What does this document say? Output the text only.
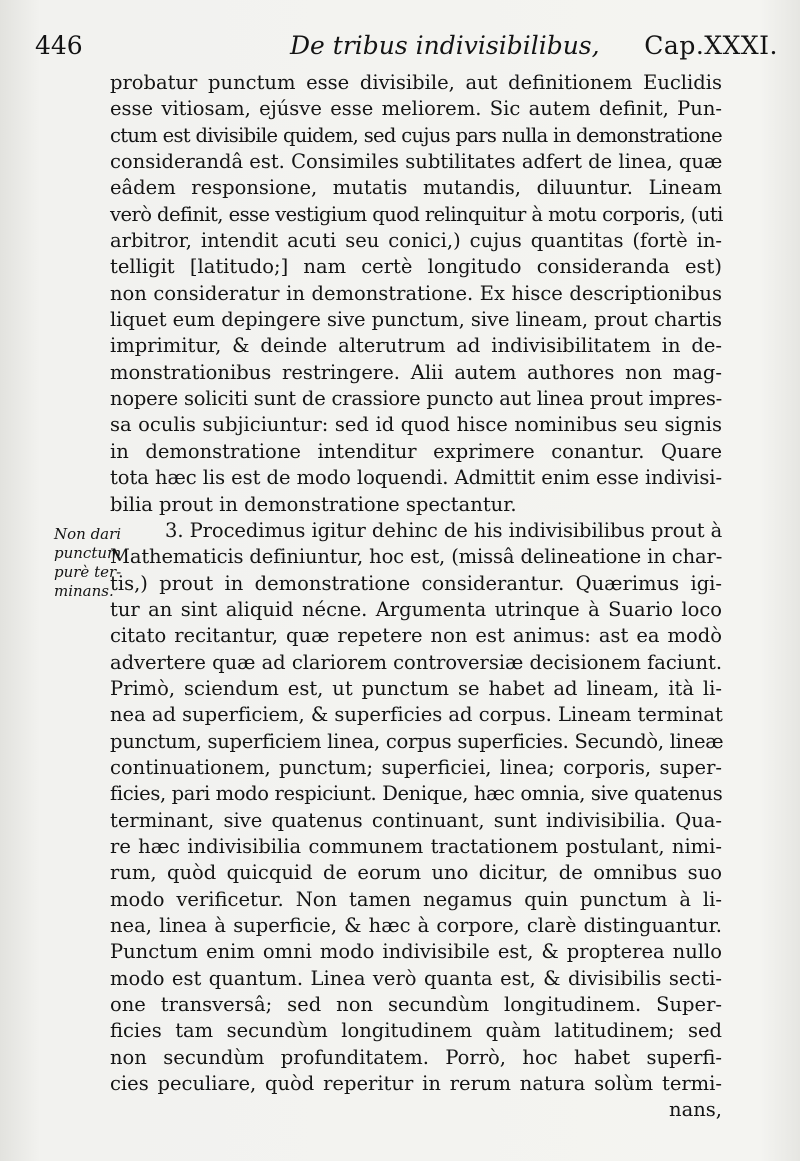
446	De tribus indivisibilibus, Cap.XXXI.
Non dari
punctum
purè ter-
minans.
probatur punctum esse divisibile, aut definitionem Euclidis
esse vitiosam, ejúsve esse meliorem. Sic autem definit, Pun-
ctum est divisibile quidem, sed cujus pars nulla in demonstratione
considerandâ est. Consimiles subtilitates adfert de linea, quæ
eâdem responsione, mutatis mutandis, diluuntur. Lineam
verò definit, esse vestigium quod relinquitur à motu corporis, (uti
arbitror, intendit acuti seu conici,) cujus quantitas (fortè in-
telligit [latitudo;] nam certè longitudo consideranda est)
non consideratur in demonstratione. Ex hisce descriptionibus
liquet eum depingere sive punctum, sive lineam, prout chartis
imprimitur, & deinde alterutrum ad indivisibilitatem in de-
monstrationibus restringere. Alii autem authores non mag-
nopere soliciti sunt de crassiore puncto aut linea prout impres-
sa oculis subjiciuntur: sed id quod hisce nominibus seu signis
in demonstratione intenditur exprimere conantur. Quare
tota hæc lis est de modo loquendi. Admittit enim esse indivisi-
bilia prout in demonstratione spectantur.
3. Procedimus igitur dehinc de his indivisibilibus prout à
Mathematicis definiuntur, hoc est, (missâ delineatione in char-
tis,) prout in demonstratione considerantur. Quærimus igi-
tur an sint aliquid nécne. Argumenta utrinque à Suario loco
citato recitantur, quæ repetere non est animus: ast ea modò
advertere quæ ad clariorem controversiæ decisionem faciunt.
Primò, sciendum est, ut punctum se habet ad lineam, ità li-
nea ad superficiem, & superficies ad corpus. Lineam terminat
punctum, superficiem linea, corpus superficies. Secundò, lineæ
continuationem, punctum; superficiei, linea; corporis, super-
ficies, pari modo respiciunt. Denique, hæc omnia, sive quatenus
terminant, sive quatenus continuant, sunt indivisibilia. Qua-
re hæc indivisibilia communem tractationem postulant, nimi-
rum, quòd quicquid de eorum uno dicitur, de omnibus suo
modo verificetur. Non tamen negamus quin punctum à li-
nea, linea à superficie, & hæc à corpore, clarè distinguantur.
Punctum enim omni modo indivisibile est, & propterea nullo
modo est quantum. Linea verò quanta est, & divisibilis secti-
one transversâ; sed non secundùm longitudinem. Super-
ficies tam secundùm longitudinem quàm latitudinem; sed
non secundùm profunditatem. Porrò, hoc habet superfi-
cies peculiare, quòd reperitur in rerum natura solùm termi-
nans,
